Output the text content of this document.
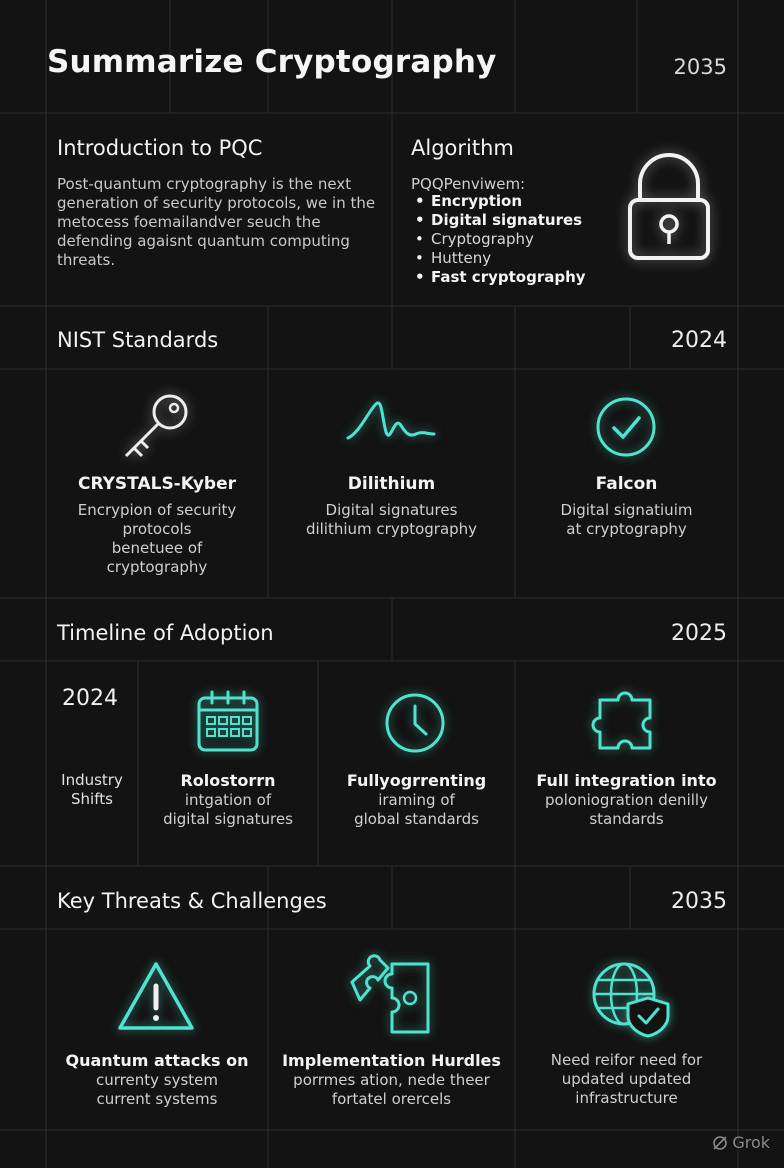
Summarize Cryptography	2035
Introduction to PQC
Post-quantum cryptography is the next
generation of security protocols, we in the
metocess foemailandver seuch the
defending agaisnt quantum computing
threats.
Algorithm
PQQPenviwem:
• Encryption
• Digital signatures
• Cryptography
• Hutteny
• Fast cryptography
NIST Standards	2024
CRYSTALS-Kyber
Encrypion of security
protocols
benetuee of
cryptography
Dilithium
Digital signatures
dilithium cryptography
Falcon
Digital signatiuim
at cryptography
Timeline of Adoption	2025
2024
Industry
Shifts
Rolostorrn
intgation of
digital signatures
Fullyogrrenting
iraming of
global standards
Full integration into
poloniogration denilly
standards
Key Threats & Challenges	2035
Quantum attacks on
currenty system
current systems
Implementation Hurdles
porrmes ation, nede theer
fortatel orercels
Need reifor need for
updated updated
infrastructure
Grok
